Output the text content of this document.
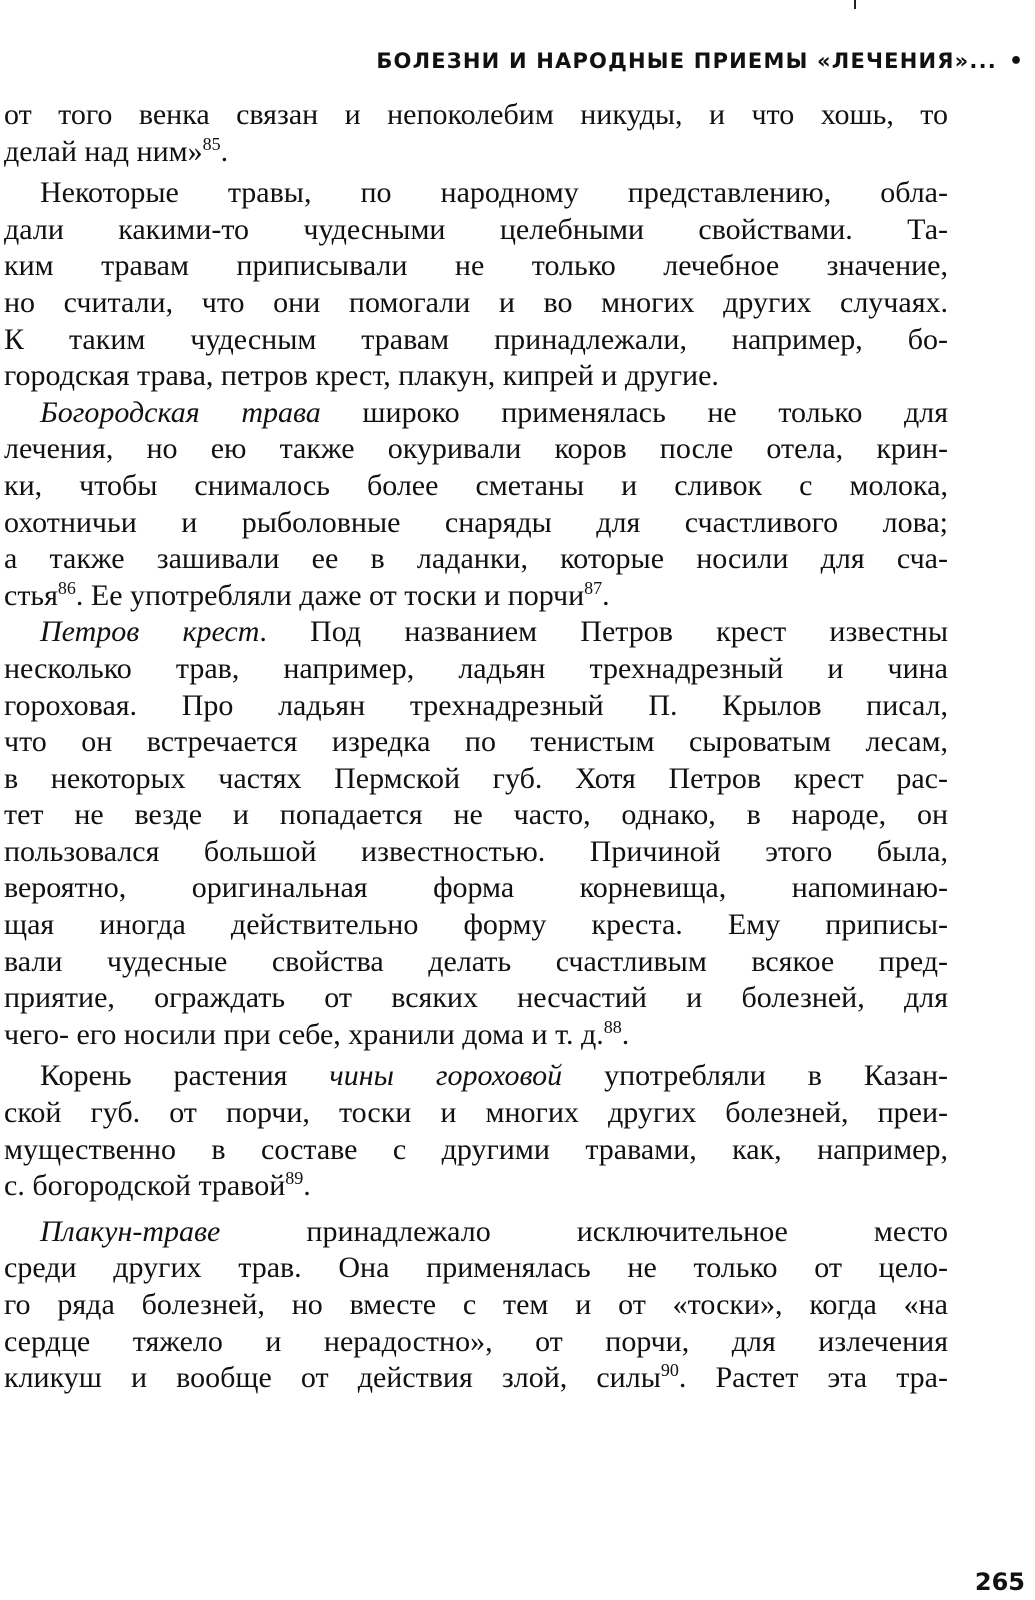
БОЛЕЗНИ И НАРОДНЫЕ ПРИЕМЫ «ЛЕЧЕНИЯ»... •
от того венка связан и непоколебим никуды, и что хошь, то
делай над ним»$^{85}$.
Некоторые травы, по народному представлению, обла-
дали какими-то чудесными целебными свойствами. Та-
ким травам приписывали не только лечебное значение,
но считали, что они помогали и во многих других случаях.
К таким чудесным травам принадлежали, например, бо-
городская трава, петров крест, плакун, кипрей и другие.
Богородская трава широко применялась не только для
лечения, но ею также окуривали коров после отела, крин-
ки, чтобы снималось более сметаны и сливок с молока,
охотничьи и рыболовные снаряды для счастливого лова;
а также зашивали ее в ладанки, которые носили для сча-
стья$^{86}$. Ее употребляли даже от тоски и порчи$^{87}$.
Петров крест. Под названием Петров крест известны
несколько трав, например, ладьян трехнадрезный и чина
гороховая. Про ладьян трехнадрезный П. Крылов писал,
что он встречается изредка по тенистым сыроватым лесам,
в некоторых частях Пермской губ. Хотя Петров крест рас-
тет не везде и попадается не часто, однако, в народе, он
пользовался большой известностью. Причиной этого была,
вероятно, оригинальная форма корневища, напоминаю-
щая иногда действительно форму креста. Ему приписы-
вали чудесные свойства делать счастливым всякое пред-
приятие, ограждать от всяких несчастий и болезней, для
чего- его носили при себе, хранили дома и т. д.$^{88}$.
Корень растения чины гороховой употребляли в Казан-
ской губ. от порчи, тоски и многих других болезней, преи-
мущественно в составе с другими травами, как, например,
с. богородской травой$^{89}$.
Плакун-траве принадлежало исключительное место
среди других трав. Она применялась не только от цело-
го ряда болезней, но вместе с тем и от «тоски», когда «на
сердце тяжело и нерадостно», от порчи, для излечения
кликуш и вообще от действия злой, силы$^{90}$. Растет эта тра-
265
